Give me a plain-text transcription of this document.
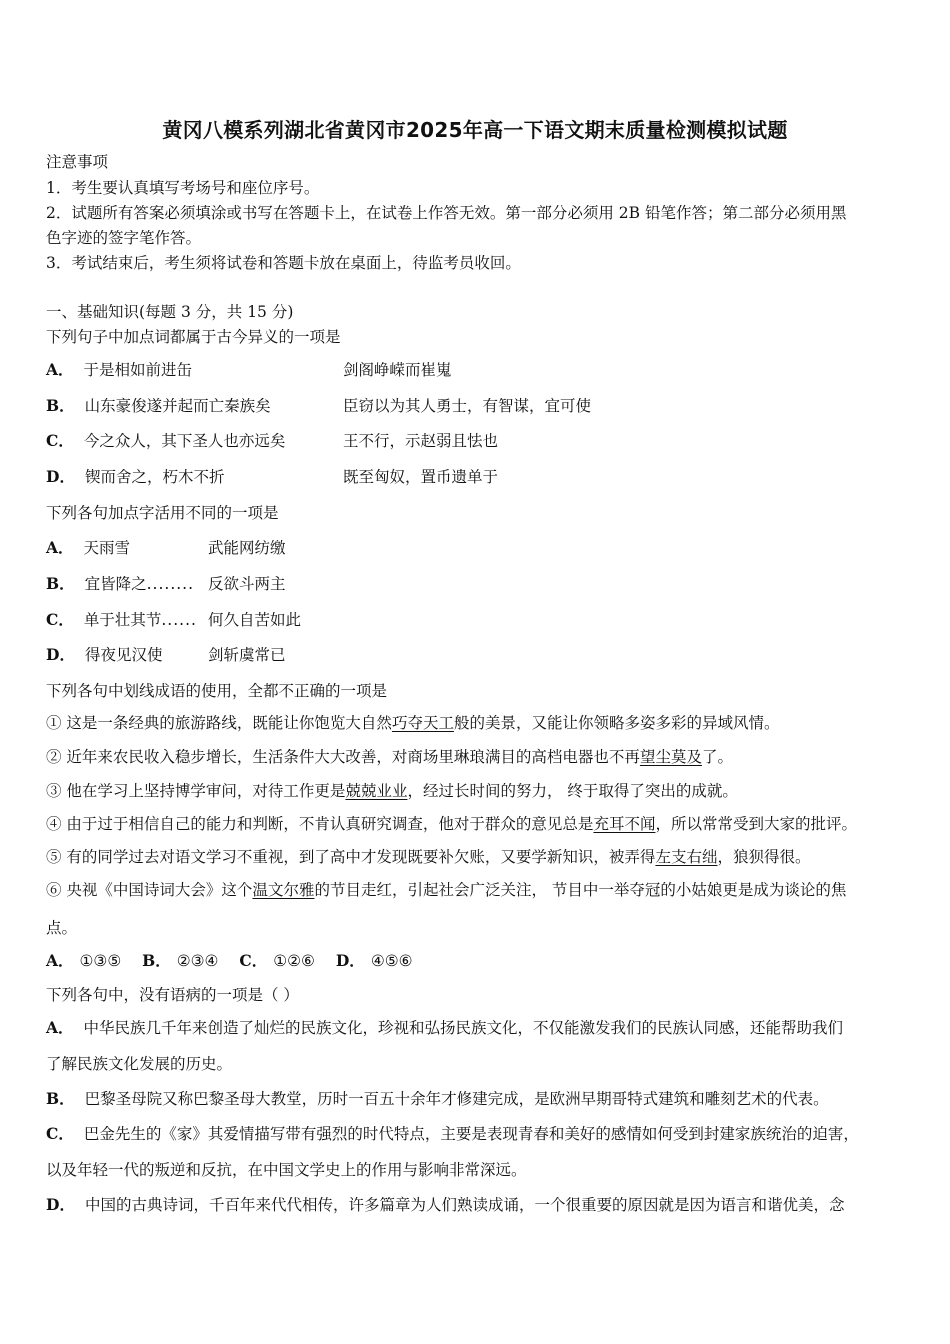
黄冈八模系列湖北省黄冈市2025年高一下语文期末质量检测模拟试题
注意事项
1．考生要认真填写考场号和座位序号。
2．试题所有答案必须填涂或书写在答题卡上，在试卷上作答无效。第一部分必须用 2B 铅笔作答；第二部分必须用黑
色字迹的签字笔作答。
3．考试结束后，考生须将试卷和答题卡放在桌面上，待监考员收回。
一、基础知识(每题 3 分，共 15 分)
下列句子中加点词都属于古今异义的一项是
A． 于是相如前进缶	剑阁峥嵘而崔嵬
B． 山东豪俊遂并起而亡秦族矣	臣窃以为其人勇士，有智谋，宜可使
C． 今之众人，其下圣人也亦远矣	王不行，示赵弱且怯也
D． 锲而舍之，朽木不折	既至匈奴，置币遗单于
下列各句加点字活用不同的一项是
A． 天雨雪	武能网纺缴
B． 宜皆降之........ 反欲斗两主
C． 单于壮其节...... 何久自苦如此
D． 得夜见汉使	剑斩虞常已
下列各句中划线成语的使用，全都不正确的一项是
① 这是一条经典的旅游路线，既能让你饱览大自然巧夺天工般的美景，又能让你领略多姿多彩的异域风情。
② 近年来农民收入稳步增长，生活条件大大改善，对商场里琳琅满目的高档电器也不再望尘莫及了。
③ 他在学习上坚持博学审问，对待工作更是兢兢业业，经过长时间的努力， 终于取得了突出的成就。
④ 由于过于相信自己的能力和判断，不肯认真研究调查，他对于群众的意见总是充耳不闻，所以常常受到大家的批评。
⑤ 有的同学过去对语文学习不重视，到了高中才发现既要补欠账，又要学新知识，被弄得左支右绌，狼狈得很。
⑥ 央视《中国诗词大会》这个温文尔雅的节目走红，引起社会广泛关注， 节目中一举夺冠的小姑娘更是成为谈论的焦
点。
A． ①③⑤ B． ②③④ C． ①②⑥ D． ④⑤⑥
下列各句中，没有语病的一项是（ ）
A． 中华民族几千年来创造了灿烂的民族文化，珍视和弘扬民族文化，不仅能激发我们的民族认同感，还能帮助我们
了解民族文化发展的历史。
B． 巴黎圣母院又称巴黎圣母大教堂，历时一百五十余年才修建完成，是欧洲早期哥特式建筑和雕刻艺术的代表。
C． 巴金先生的《家》其爱情描写带有强烈的时代特点，主要是表现青春和美好的感情如何受到封建家族统治的迫害，
以及年轻一代的叛逆和反抗，在中国文学史上的作用与影响非常深远。
D． 中国的古典诗词，千百年来代代相传，许多篇章为人们熟读成诵，一个很重要的原因就是因为语言和谐优美，念
